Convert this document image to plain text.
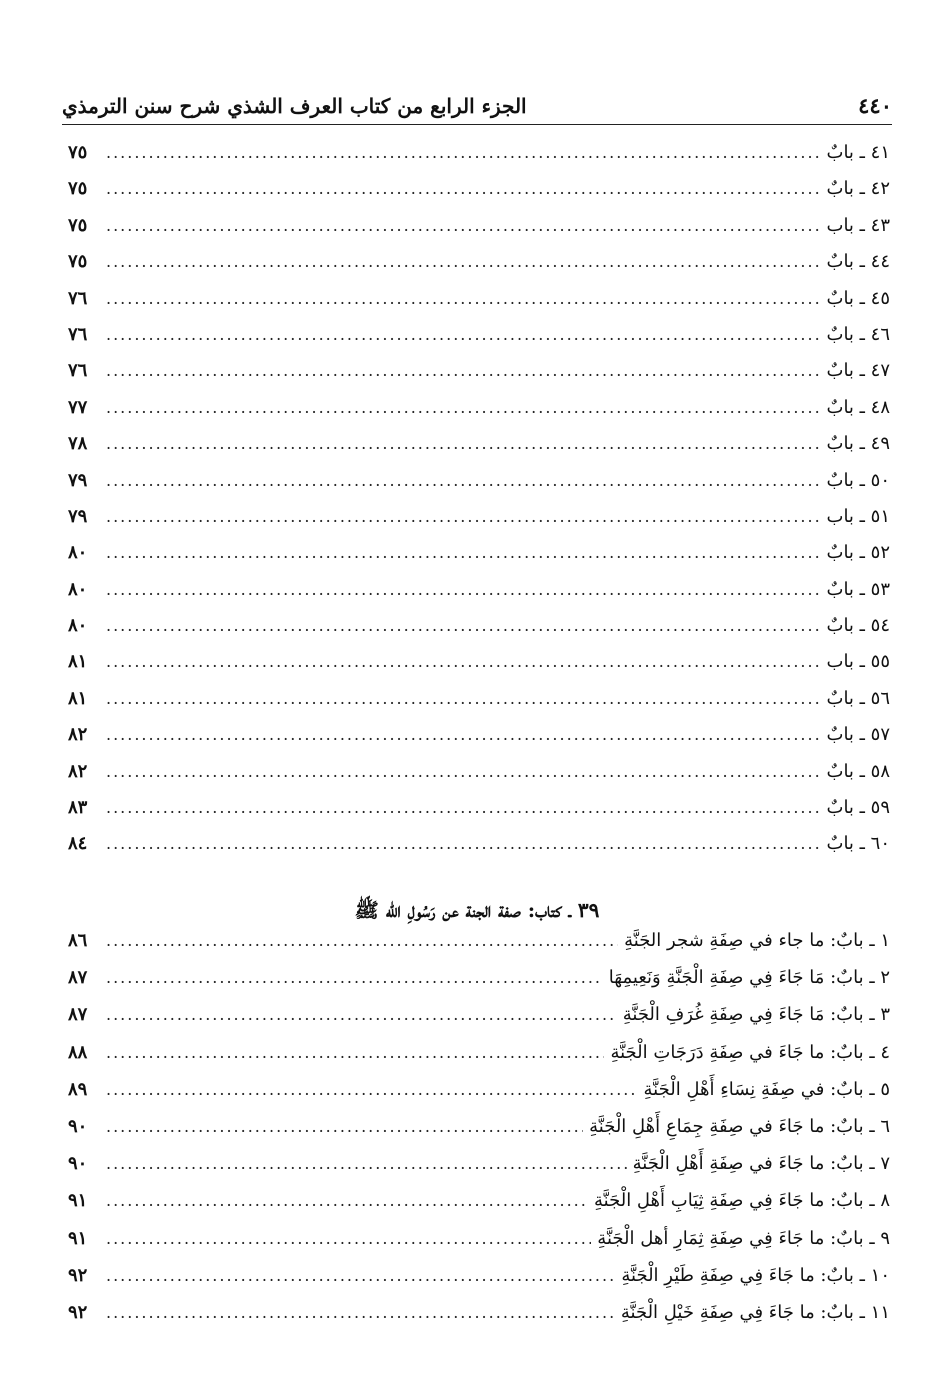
٤٤٠
الجزء الرابع من كتاب العرف الشذي شرح سنن الترمذي
٤١ ـ بابٌ
.....
٧٥
٤٢ ـ بابٌ
.....
٧٥
٤٣ ـ باب
.....
٧٥
٤٤ ـ بابٌ
.....
٧٥
٤٥ ـ بابٌ
.....
٧٦
٤٦ ـ بابٌ
.....
٧٦
٤٧ ـ بابٌ
.....
٧٦
٤٨ ـ بابٌ
.....
٧٧
٤٩ ـ بابٌ
.....
٧٨
٥٠ ـ بابٌ
.....
٧٩
٥١ ـ باب
.....
٧٩
٥٢ ـ بابٌ
.....
٨٠
٥٣ ـ بابٌ
.....
٨٠
٥٤ ـ بابٌ
.....
٨٠
٥٥ ـ باب
.....
٨١
٥٦ ـ بابٌ
.....
٨١
٥٧ ـ بابٌ
.....
٨٢
٥٨ ـ بابٌ
.....
٨٢
٥٩ ـ بابٌ
.....
٨٣
٦٠ ـ بابٌ
.....
٨٤
٣٩ ـ كتاب: صفة الجنة عن رَسُولِ الله ﷺ
١ ـ بابٌ: ما جاء في صِفَةِ شجر الجَنَّةِ
.....
٨٦
٢ ـ بابٌ: مَا جَاءَ فِي صِفَةِ الْجَنَّةِ وَنَعِيمِهَا
.....
٨٧
٣ ـ بابٌ: مَا جَاءَ فِي صِفَةِ غُرَفِ الْجَنَّةِ
.....
٨٧
٤ ـ بابٌ: ما جَاءَ في صِفَةِ دَرَجَاتِ الْجَنَّةِ
.....
٨٨
٥ ـ بابٌ: في صِفَةِ نِسَاءِ أَهْلِ الْجَنَّةِ
.....
٨٩
٦ ـ بابٌ: ما جَاءَ في صِفَةِ جِمَاعِ أَهْلِ الْجَنَّةِ
.....
٩٠
٧ ـ بابٌ: ما جَاءَ في صِفَةِ أَهْلِ الْجَنَّةِ
.....
٩٠
٨ ـ بابٌ: ما جَاءَ فِي صِفَةِ ثِيَابِ أَهْلِ الْجَنَّةِ
.....
٩١
٩ ـ بابٌ: ما جَاءَ فِي صِفَةِ ثِمَارِ أهل الْجَنَّةِ
.....
٩١
١٠ ـ بابٌ: ما جَاءَ فِي صِفَةِ طَيْرِ الْجَنَّةِ
.....
٩٢
١١ ـ بابٌ: ما جَاءَ فِي صِفَةِ خَيْلِ الْجَنَّةِ
.....
٩٢
